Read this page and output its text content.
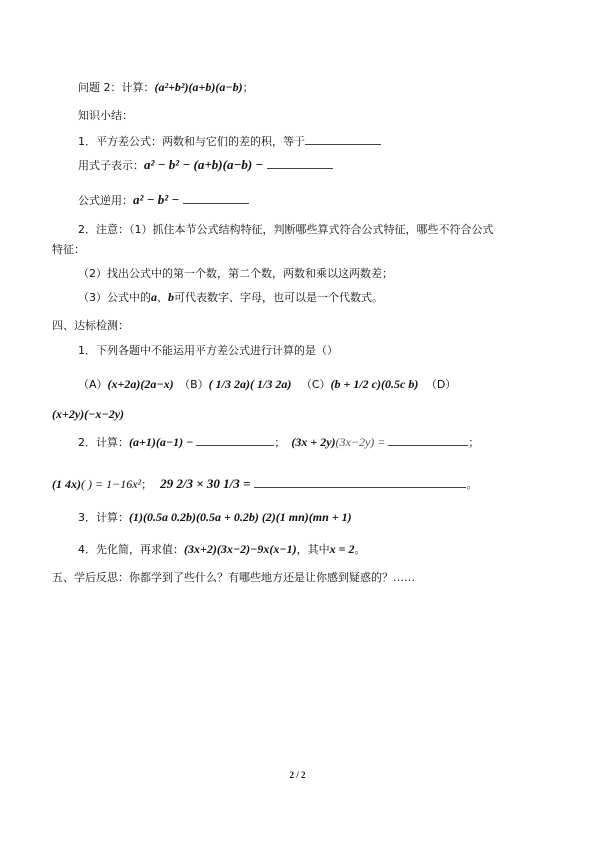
问题 2：计算：(a²+b²)(a+b)(a−b)；
知识小结：
1．平方差公式：两数和与它们的差的积，等于
用式子表示：a² − b² − (a+b)(a−b) −
公式逆用：a² − b² −
2．注意：（1）抓住本节公式结构特征，判断哪些算式符合公式特征，哪些不符合公式
特征：
（2）找出公式中的第一个数，第二个数，两数和乘以这两数差；
（3）公式中的a、b可代表数字、字母，也可以是一个代数式。
四、达标检测：
1．下列各题中不能运用平方差公式进行计算的是（）
（A）(x+2a)(2a−x) （B）( 1/3 2a)( 1/3 2a) （C）(b + 1/2 c)(0.5c b) （D）
(x+2y)(−x−2y)
2．计算：(a+1)(a−1) −	； (3x + 2y)(3x−2y) =	；
(1 4x)( ) = 1−16x²； 29 2/3 × 30 1/3 =	。
3．计算：(1)(0.5a 0.2b)(0.5a + 0.2b) (2)(1 mn)(mn + 1)
4．先化简，再求值：(3x+2)(3x−2)−9x(x−1)，其中x = 2。
五、学后反思：你都学到了些什么？有哪些地方还是让你感到疑惑的？……
2 / 2
